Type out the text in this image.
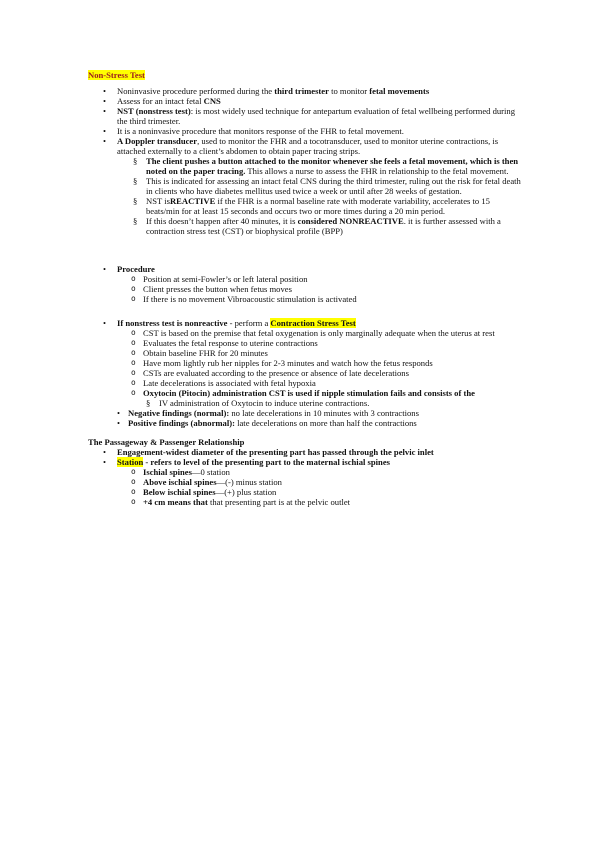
Non-Stress Test
•	Noninvasive procedure performed during the third trimester to monitor fetal movements
•	Assess for an intact fetal CNS
•	NST (nonstress test): is most widely used technique for antepartum evaluation of fetal wellbeing performed during the third trimester.
•	It is a noninvasive procedure that monitors response of the FHR to fetal movement.
•	A Doppler transducer, used to monitor the FHR and a tocotransducer, used to monitor uterine contractions, is attached externally to a client’s abdomen to obtain paper tracing strips.
§	The client pushes a button attached to the monitor whenever she feels a fetal movement, which is then noted on the paper tracing. This allows a nurse to assess the FHR in relationship to the fetal movement.
§	This is indicated for assessing an intact fetal CNS during the third trimester, ruling out the risk for fetal death in clients who have diabetes mellitus used twice a week or until after 28 weeks of gestation.
§	NST isREACTIVE if the FHR is a normal baseline rate with moderate variability, accelerates to 15 beats/min for at least 15 seconds and occurs two or more times during a 20 min period.
§	If this doesn’t happen after 40 minutes, it is considered NONREACTIVE. it is further assessed with a contraction stress test (CST) or biophysical profile (BPP)
•	Procedure
o Position at semi-Fowler’s or left lateral position
o Client presses the button when fetus moves
o If there is no movement Vibroacoustic stimulation is activated
•	If nonstress test is nonreactive - perform a Contraction Stress Test
o CST is based on the premise that fetal oxygenation is only marginally adequate when the uterus at rest
o Evaluates the fetal response to uterine contractions
o Obtain baseline FHR for 20 minutes
o Have mom lightly rub her nipples for 2-3 minutes and watch how the fetus responds
o CSTs are evaluated according to the presence or absence of late decelerations
o Late decelerations is associated with fetal hypoxia
o Oxytocin (Pitocin) administration CST is used if nipple stimulation fails and consists of the
§	IV administration of Oxytocin to induce uterine contractions.
• Negative findings (normal): no late decelerations in 10 minutes with 3 contractions
• Positive findings (abnormal): late decelerations on more than half the contractions
The Passageway & Passenger Relationship
•	Engagement-widest diameter of the presenting part has passed through the pelvic inlet
•	Station - refers to level of the presenting part to the maternal ischial spines
o Ischial spines—0 station
o Above ischial spines—(-) minus station
o Below ischial spines—(+) plus station
o +4 cm means that that presenting part is at the pelvic outlet
